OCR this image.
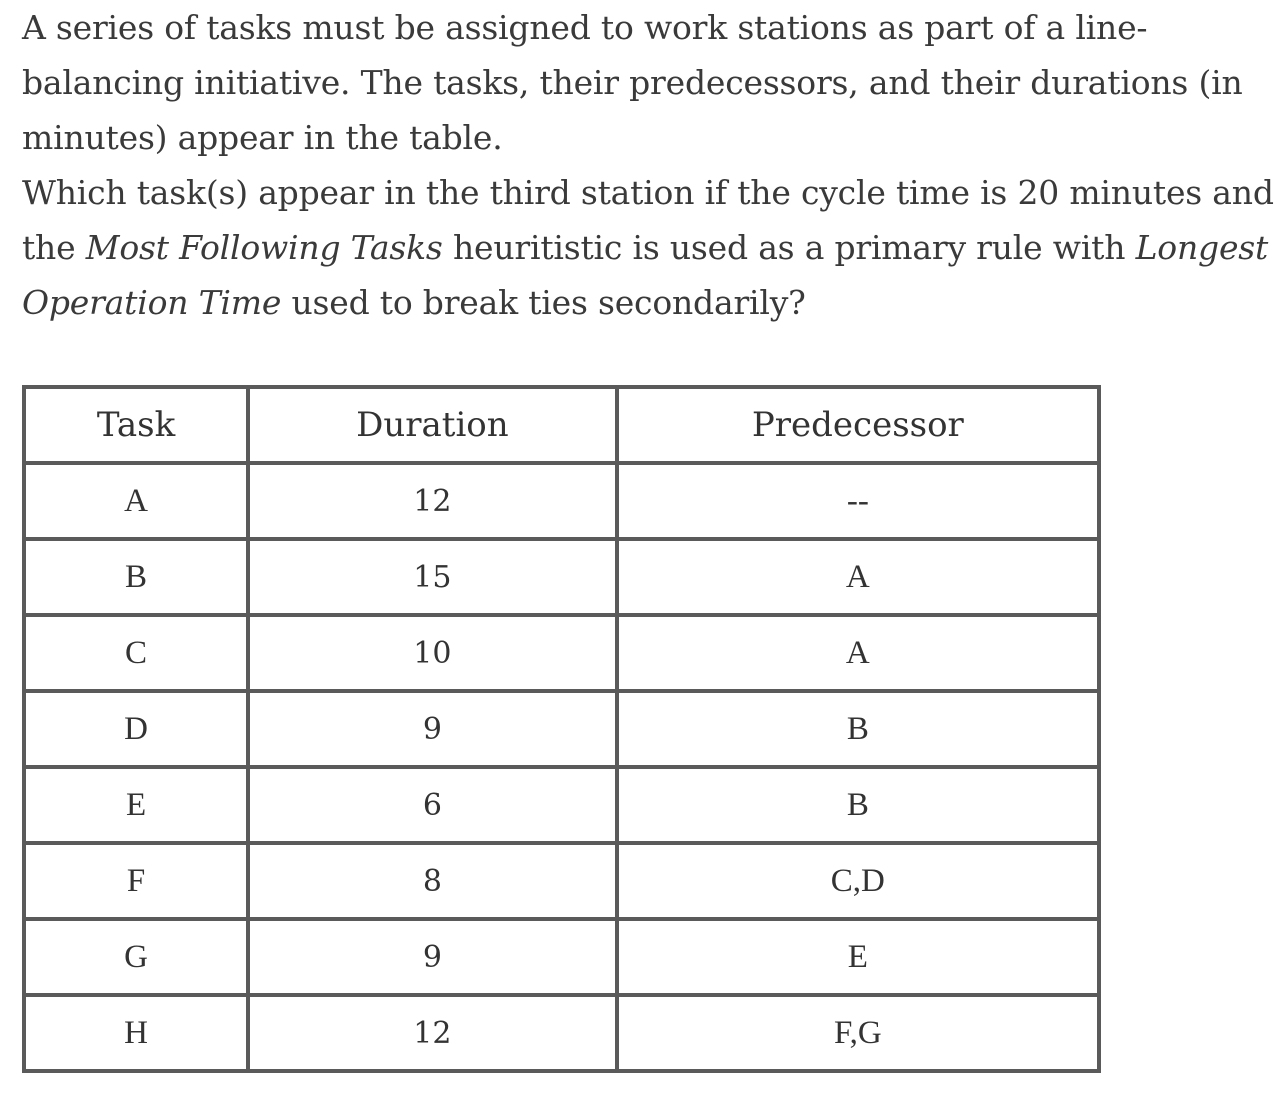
A series of tasks must be assigned to work stations as part of a line-balancing initiative. The tasks, their predecessors, and their durations (in minutes) appear in the table.

Which task(s) appear in the third station if the cycle time is 20 minutes and the Most Following Tasks heuritistic is used as a primary rule with Longest Operation Time used to break ties secondarily?

Task	Duration	Predecessor
A	12	--
B	15	A
C	10	A
D	9	B
E	6	B
F	8	C,D
G	9	E
H	12	F,G
